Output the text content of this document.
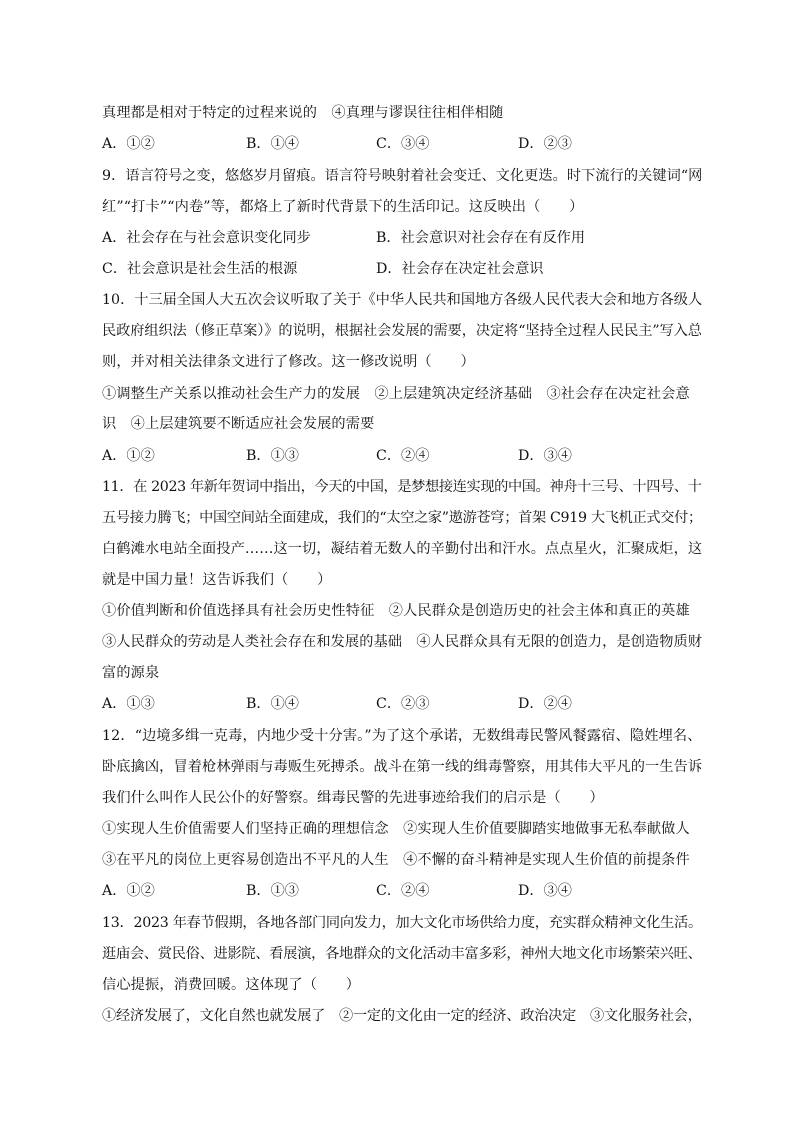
真理都是相对于特定的过程来说的　④真理与谬误往往相伴相随
A．①②	B．①④	C．③④	D．②③
9．语言符号之变，悠悠岁月留痕。语言符号映射着社会变迁、文化更迭。时下流行的关键词“网
红”“打卡”“内卷”等，都烙上了新时代背景下的生活印记。这反映出（　　）
A．社会存在与社会意识变化同步	B．社会意识对社会存在有反作用
C．社会意识是社会生活的根源	D．社会存在决定社会意识
10．十三届全国人大五次会议听取了关于《中华人民共和国地方各级人民代表大会和地方各级人
民政府组织法（修正草案）》的说明，根据社会发展的需要，决定将“坚持全过程人民民主”写入总
则，并对相关法律条文进行了修改。这一修改说明（　　）
①调整生产关系以推动社会生产力的发展　②上层建筑决定经济基础　③社会存在决定社会意
识　④上层建筑要不断适应社会发展的需要
A．①②	B．①③	C．②④	D．③④
11．在 2023 年新年贺词中指出，今天的中国，是梦想接连实现的中国。神舟十三号、十四号、十
五号接力腾飞；中国空间站全面建成，我们的“太空之家”遨游苍穹；首架 C919 大飞机正式交付；
白鹤滩水电站全面投产……这一切，凝结着无数人的辛勤付出和汗水。点点星火，汇聚成炬，这
就是中国力量！这告诉我们（　　）
①价值判断和价值选择具有社会历史性特征　②人民群众是创造历史的社会主体和真正的英雄
③人民群众的劳动是人类社会存在和发展的基础　④人民群众具有无限的创造力，是创造物质财
富的源泉
A．①③	B．①④	C．②③	D．②④
12．“边境多缉一克毒，内地少受十分害。”为了这个承诺，无数缉毒民警风餐露宿、隐姓埋名、
卧底擒凶，冒着枪林弹雨与毒贩生死搏杀。战斗在第一线的缉毒警察，用其伟大平凡的一生告诉
我们什么叫作人民公仆的好警察。缉毒民警的先进事迹给我们的启示是（　　）
①实现人生价值需要人们坚持正确的理想信念　②实现人生价值要脚踏实地做事无私奉献做人
③在平凡的岗位上更容易创造出不平凡的人生　④不懈的奋斗精神是实现人生价值的前提条件
A．①②	B．①③	C．②④	D．③④
13．2023 年春节假期，各地各部门同向发力，加大文化市场供给力度，充实群众精神文化生活。
逛庙会、赏民俗、进影院、看展演，各地群众的文化活动丰富多彩，神州大地文化市场繁荣兴旺、
信心提振，消费回暖。这体现了（　　）
①经济发展了，文化自然也就发展了　②一定的文化由一定的经济、政治决定　③文化服务社会，
